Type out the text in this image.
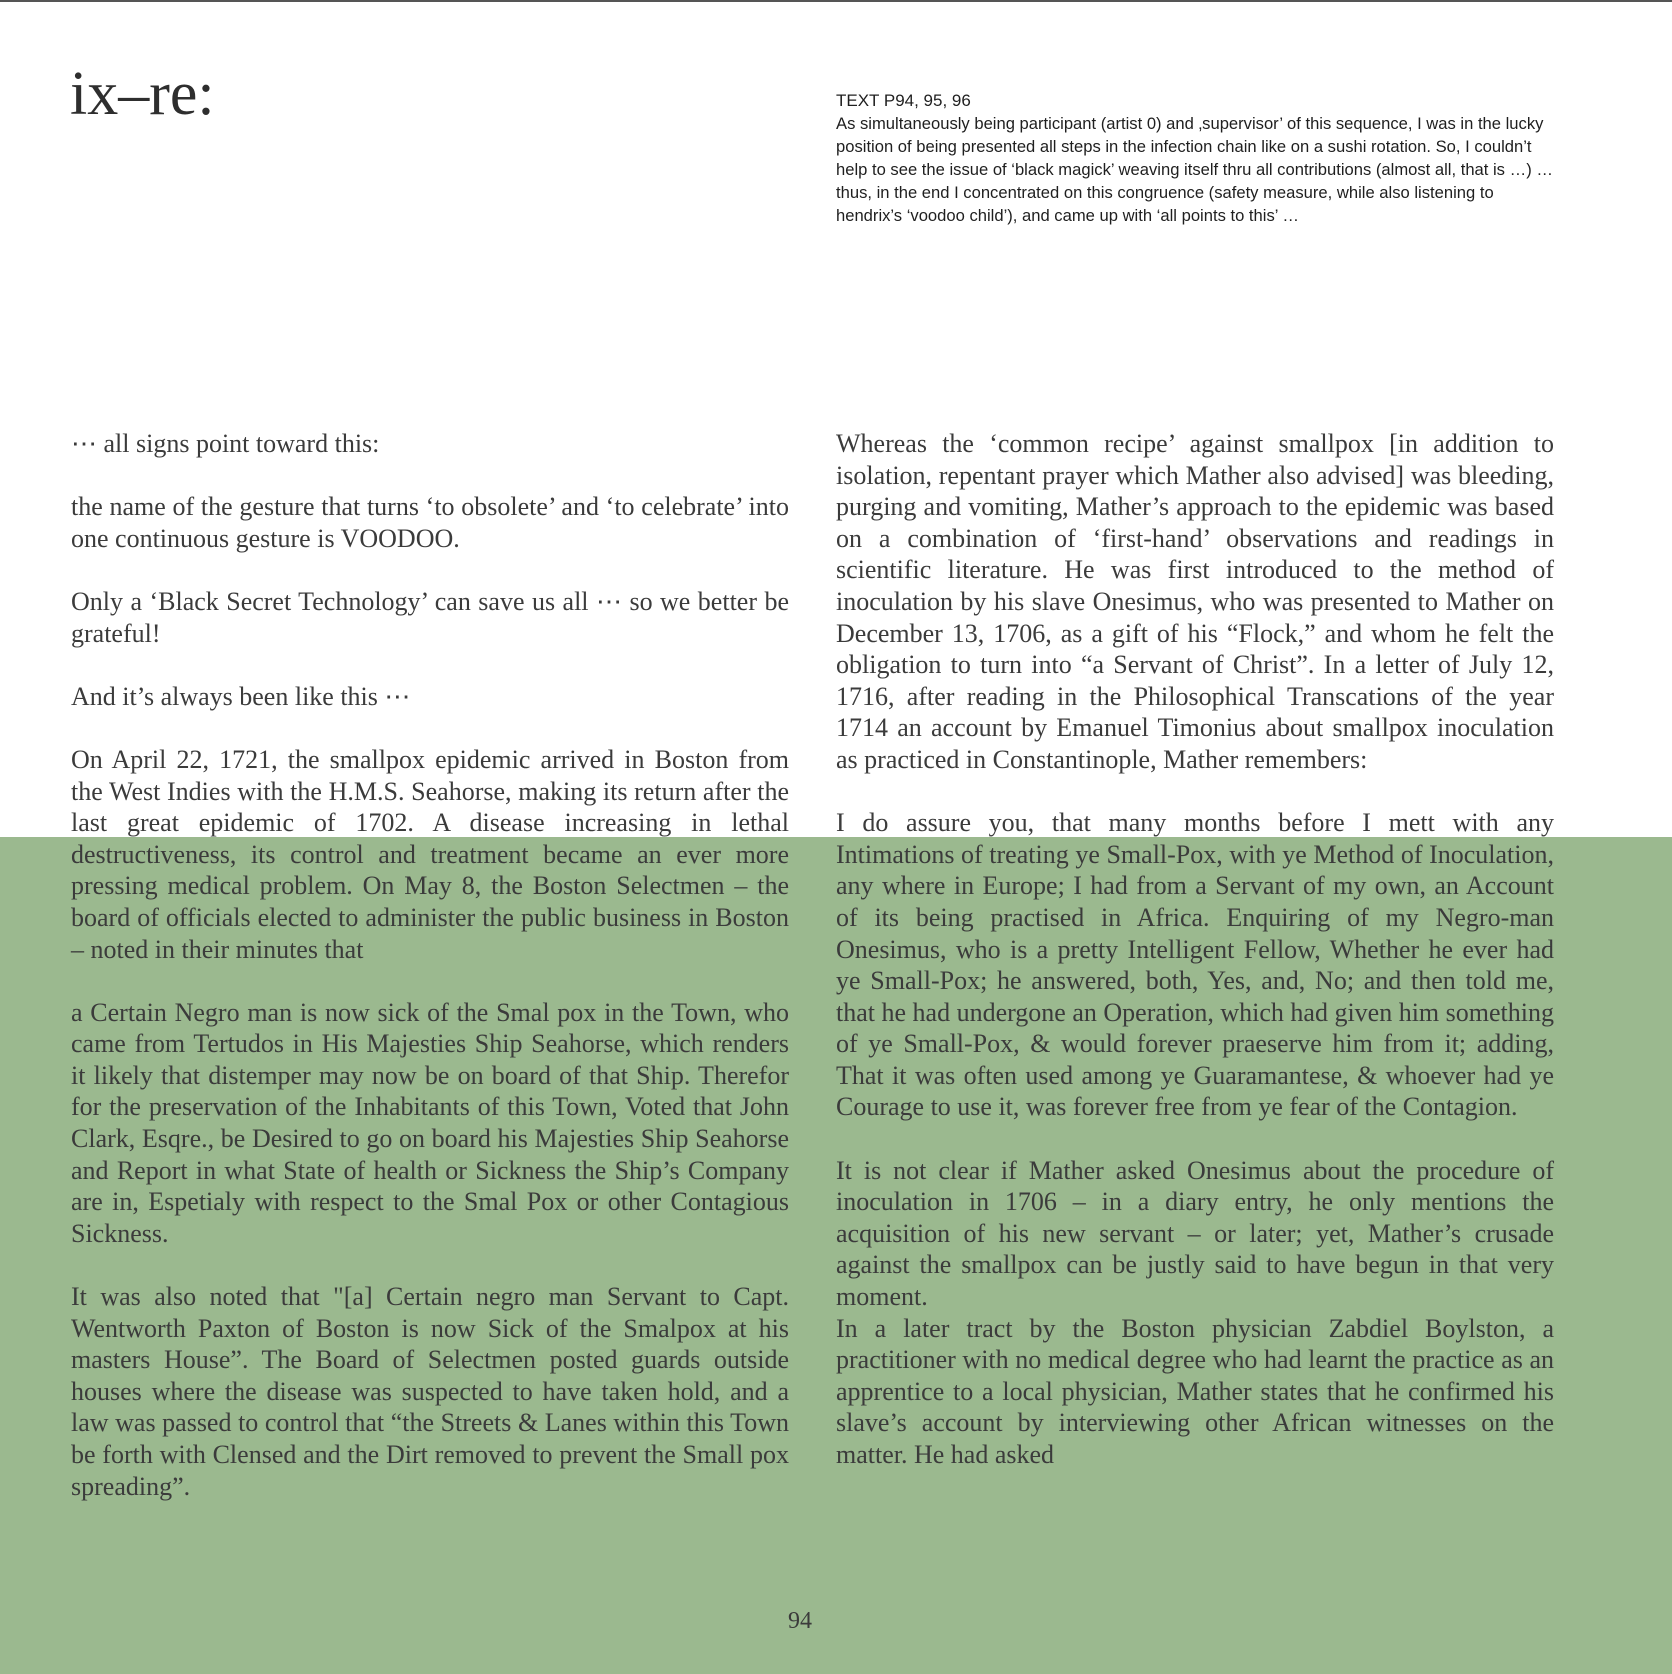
ix–re:	TEXT P94, 95, 96

As simultaneously being participant (artist 0) and ‚supervisor’ of this sequence, I was in the lucky position of being presented all steps in the infection chain like on a sushi rotation. So, I couldn’t help to see the issue of ‘black magick’ weaving itself thru all contributions (almost all, that is …) … thus, in the end I concentrated on this congruence (safety measure, while also listening to hendrix’s ‘voodoo child’), and came up with ‘all points to this’ …

⋯ all signs point toward this:

the name of the gesture that turns ‘to obsolete’ and ‘to celebrate’ into one continuous gesture is VOODOO.

Only a ‘Black Secret Technology’ can save us all ⋯ so we better be grateful!

And it’s always been like this ⋯

On April 22, 1721, the smallpox epidemic arrived in Boston from the West Indies with the H.M.S. Seahorse, making its return after the last great epidemic of 1702. A disease increasing in lethal destructiveness, its control and treatment became an ever more pressing medical problem. On May 8, the Boston Selectmen – the board of officials elected to administer the public business in Boston – noted in their minutes that

a Certain Negro man is now sick of the Smal pox in the Town, who came from Tertudos in His Majesties Ship Seahorse, which renders it likely that distemper may now be on board of that Ship. Therefor for the preservation of the Inhabitants of this Town, Voted that John Clark, Esqre., be Desired to go on board his Majesties Ship Seahorse and Report in what State of health or Sickness the Ship’s Company are in, Espetialy with respect to the Smal Pox or other Contagious Sickness.

It was also noted that "[a] Certain negro man Servant to Capt. Wentworth Paxton of Boston is now Sick of the Smalpox at his masters House”. The Board of Selectmen posted guards outside houses where the disease was suspected to have taken hold, and a law was passed to control that “the Streets & Lanes within this Town be forth with Clensed and the Dirt removed to prevent the Small pox spreading”.

Whereas the ‘common recipe’ against smallpox [in addition to isolation, repentant prayer which Mather also advised] was bleeding, purging and vomiting, Mather’s approach to the epidemic was based on a combination of ‘first-hand’ observations and readings in scientific literature. He was first introduced to the method of inoculation by his slave Onesimus, who was presented to Mather on December 13, 1706, as a gift of his “Flock,” and whom he felt the obligation to turn into “a Servant of Christ”. In a letter of July 12, 1716, after reading in the Philosophical Transcations of the year 1714 an account by Emanuel Timonius about smallpox inoculation as practiced in Constantinople, Mather remembers:

I do assure you, that many months before I mett with any Intimations of treating ye Small-Pox, with ye Method of Inoculation, any where in Europe; I had from a Servant of my own, an Account of its being practised in Africa. Enquiring of my Negro-man Onesimus, who is a pretty Intelligent Fellow, Whether he ever had ye Small-Pox; he answered, both, Yes, and, No; and then told me, that he had undergone an Operation, which had given him something of ye Small-Pox, & would forever praeserve him from it; adding, That it was often used among ye Guaramantese, & whoever had ye Courage to use it, was forever free from ye fear of the Contagion.

It is not clear if Mather asked Onesimus about the procedure of inoculation in 1706 – in a diary entry, he only mentions the acquisition of his new servant – or later; yet, Mather’s crusade against the smallpox can be justly said to have begun in that very moment.

In a later tract by the Boston physician Zabdiel Boylston, a practitioner with no medical degree who had learnt the practice as an apprentice to a local physician, Mather states that he confirmed his slave’s account by interviewing other African witnesses on the matter. He had asked

94
